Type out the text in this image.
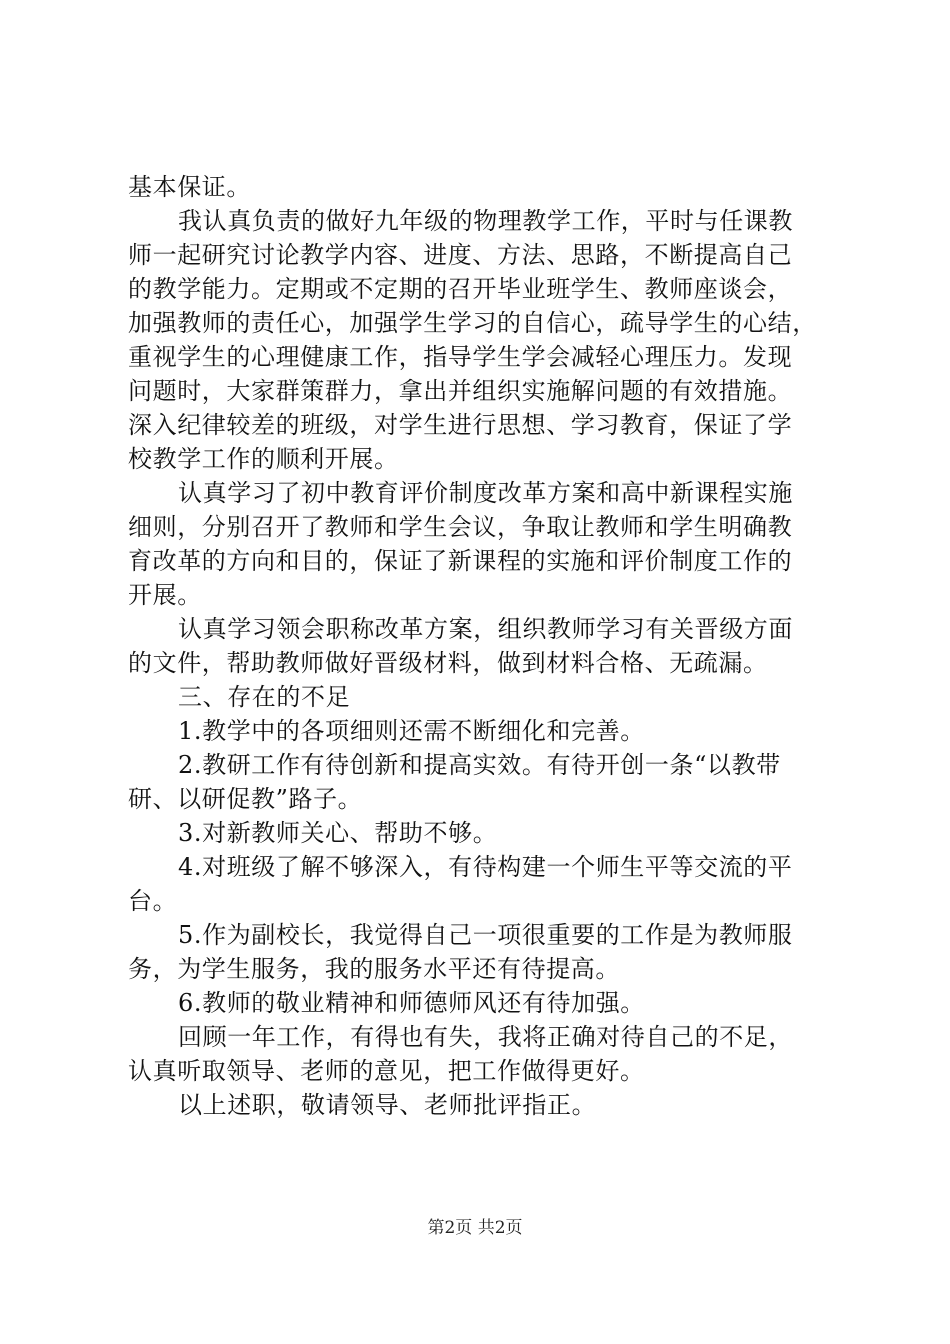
基本保证。
我认真负责的做好九年级的物理教学工作，平时与任课教
师一起研究讨论教学内容、进度、方法、思路，不断提高自己
的教学能力。定期或不定期的召开毕业班学生、教师座谈会，
加强教师的责任心，加强学生学习的自信心，疏导学生的心结，
重视学生的心理健康工作，指导学生学会减轻心理压力。发现
问题时，大家群策群力，拿出并组织实施解问题的有效措施。
深入纪律较差的班级，对学生进行思想、学习教育，保证了学
校教学工作的顺利开展。
认真学习了初中教育评价制度改革方案和高中新课程实施
细则，分别召开了教师和学生会议，争取让教师和学生明确教
育改革的方向和目的，保证了新课程的实施和评价制度工作的
开展。
认真学习领会职称改革方案，组织教师学习有关晋级方面
的文件，帮助教师做好晋级材料，做到材料合格、无疏漏。
三、存在的不足
1.教学中的各项细则还需不断细化和完善。
2.教研工作有待创新和提高实效。有待开创一条“以教带
研、以研促教”路子。
3.对新教师关心、帮助不够。
4.对班级了解不够深入，有待构建一个师生平等交流的平
台。
5.作为副校长，我觉得自己一项很重要的工作是为教师服
务，为学生服务，我的服务水平还有待提高。
6.教师的敬业精神和师德师风还有待加强。
回顾一年工作，有得也有失，我将正确对待自己的不足，
认真听取领导、老师的意见，把工作做得更好。
以上述职，敬请领导、老师批评指正。
第2页 共2页
